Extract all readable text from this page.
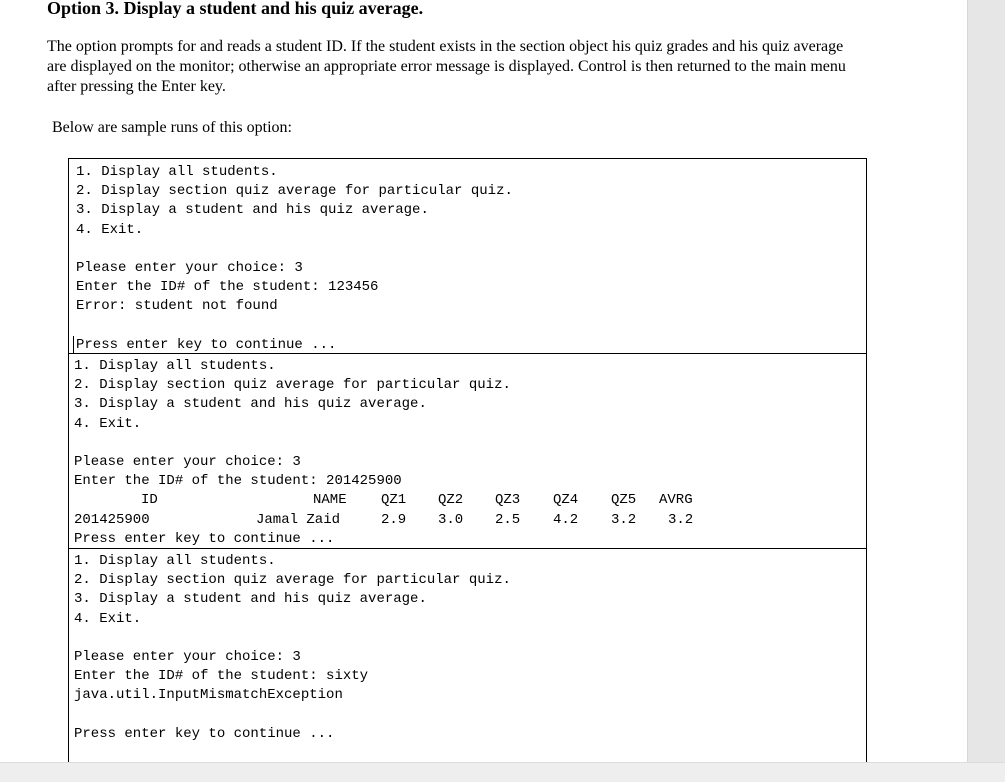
Option 3. Display a student and his quiz average.

The option prompts for and reads a student ID. If the student exists in the section object his quiz grades and his quiz average
are displayed on the monitor; otherwise an appropriate error message is displayed. Control is then returned to the main menu
after pressing the Enter key.

Below are sample runs of this option:

1. Display all students.
2. Display section quiz average for particular quiz.
3. Display a student and his quiz average.
4. Exit.
Please enter your choice: 3
Enter the ID# of the student: 123456
Error: student not found
Press enter key to continue ...
1. Display all students.
2. Display section quiz average for particular quiz.
3. Display a student and his quiz average.
4. Exit.
Please enter your choice: 3
Enter the ID# of the student: 201425900
ID	NAME QZ1 QZ2 QZ3 QZ4 QZ5 AVRG
201425900	Jamal Zaid	2.9 3.0 2.5 4.2 3.2 3.2
Press enter key to continue ...
1. Display all students.
2. Display section quiz average for particular quiz.
3. Display a student and his quiz average.
4. Exit.
Please enter your choice: 3
Enter the ID# of the student: sixty
java.util.InputMismatchException
Press enter key to continue ...
